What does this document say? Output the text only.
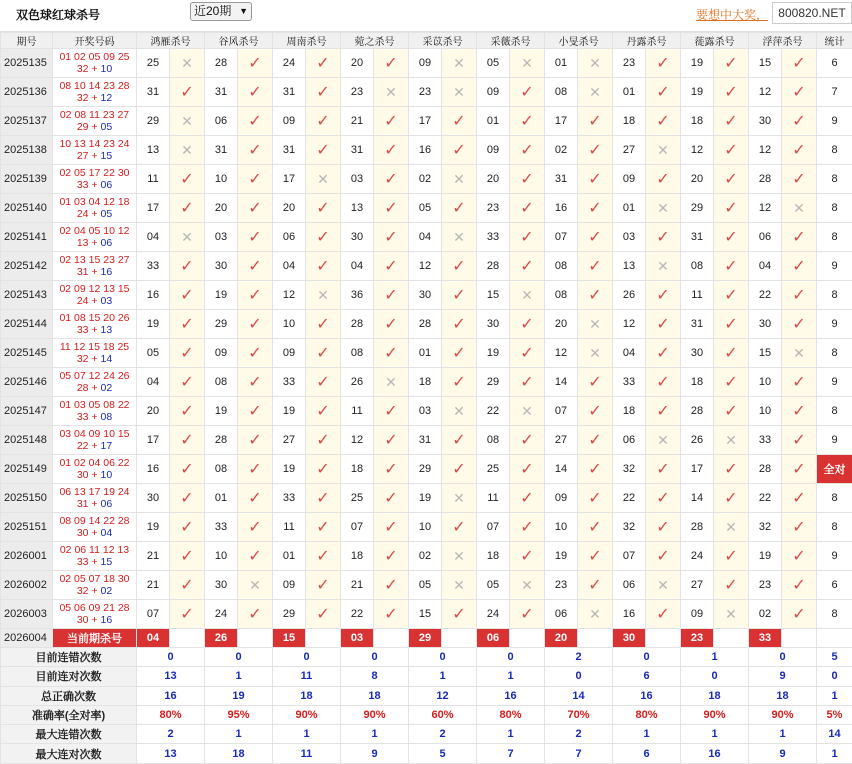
双色球红球杀号	近20期 ▼	要想中大奖， 800820.NET
期号	开奖号码	鸿雁杀号		谷风杀号		周南杀号		菀之杀号		采苡杀号		采薇杀号		小旻杀号		丹露杀号		蓰露杀号		浮萍杀号		统计
2025135	01 02 05 09 25 32 + 10	25	✕	28	✓	24	✓	20	✓	09	✕	05	✕	01	✕	23	✓	19	✓	15	✓	6
2025136	08 10 14 23 28 32 + 12	31	✓	31	✓	31	✓	23	✕	23	✕	09	✓	08	✕	01	✓	19	✓	12	✓	7
2025137	02 08 11 23 27 29 + 05	29	✕	06	✓	09	✓	21	✓	17	✓	01	✓	17	✓	18	✓	18	✓	30	✓	9
2025138	10 13 14 23 24 27 + 15	13	✕	31	✓	31	✓	31	✓	16	✓	09	✓	02	✓	27	✕	12	✓	12	✓	8
2025139	02 05 17 22 30 33 + 06	11	✓	10	✓	17	✕	03	✓	02	✕	20	✓	31	✓	09	✓	20	✓	28	✓	8
2025140	01 03 04 12 18 24 + 05	17	✓	20	✓	20	✓	13	✓	05	✓	23	✓	16	✓	01	✕	29	✓	12	✕	8
2025141	02 04 05 10 12 13 + 06	04	✕	03	✓	06	✓	30	✓	04	✕	33	✓	07	✓	03	✓	31	✓	06	✓	8
2025142	02 13 15 23 27 31 + 16	33	✓	30	✓	04	✓	04	✓	12	✓	28	✓	08	✓	13	✕	08	✓	04	✓	9
2025143	02 09 12 13 15 24 + 03	16	✓	19	✓	12	✕	36	✓	30	✓	15	✕	08	✓	26	✓	11	✓	22	✓	8
2025144	01 08 15 20 26 33 + 13	19	✓	29	✓	10	✓	28	✓	28	✓	30	✓	20	✕	12	✓	31	✓	30	✓	9
2025145	11 12 15 18 25 32 + 14	05	✓	09	✓	09	✓	08	✓	01	✓	19	✓	12	✕	04	✓	30	✓	15	✕	8
2025146	05 07 12 24 26 28 + 02	04	✓	08	✓	33	✓	26	✕	18	✓	29	✓	14	✓	33	✓	18	✓	10	✓	9
2025147	01 03 05 08 22 33 + 08	20	✓	19	✓	19	✓	11	✓	03	✕	22	✕	07	✓	18	✓	28	✓	10	✓	8
2025148	03 04 09 10 15 22 + 17	17	✓	28	✓	27	✓	12	✓	31	✓	08	✓	27	✓	06	✕	26	✕	33	✓	9
2025149	01 02 04 06 22 30 + 10	16	✓	08	✓	19	✓	18	✓	29	✓	25	✓	14	✓	32	✓	17	✓	28	✓	全对
2025150	06 13 17 19 24 31 + 06	30	✓	01	✓	33	✓	25	✓	19	✕	11	✓	09	✓	22	✓	14	✓	22	✓	8
2025151	08 09 14 22 28 30 + 04	19	✓	33	✓	11	✓	07	✓	10	✓	07	✓	10	✓	32	✓	28	✕	32	✓	8
2026001	02 06 11 12 13 33 + 15	21	✓	10	✓	01	✓	18	✓	02	✕	18	✓	19	✓	07	✓	24	✓	19	✓	9
2026002	02 05 07 18 30 32 + 02	21	✓	30	✕	09	✓	21	✓	05	✕	05	✕	23	✓	06	✕	27	✓	23	✓	6
2026003	05 06 09 21 28 30 + 16	07	✓	24	✓	29	✓	22	✓	15	✓	24	✓	06	✕	16	✓	09	✕	02	✓	8
2026004	当前期杀号	04		26		15		03		29		06		20		30		23		33		
目前连错次数		0		0		0		0		0		0		2		0		1		0		5
目前连对次数		13		1		11		8		1		1		0		6		0		9		0
总正确次数		16		19		18		18		12		16		14		16		18		18		1
准确率(全对率)		80%		95%		90%		90%		60%		80%		70%		80%		90%		90%		5%
最大连错次数		2		1		1		1		2		1		2		1		1		1		14
最大连对次数		13		18		11		9		5		7		7		6		16		9		1
